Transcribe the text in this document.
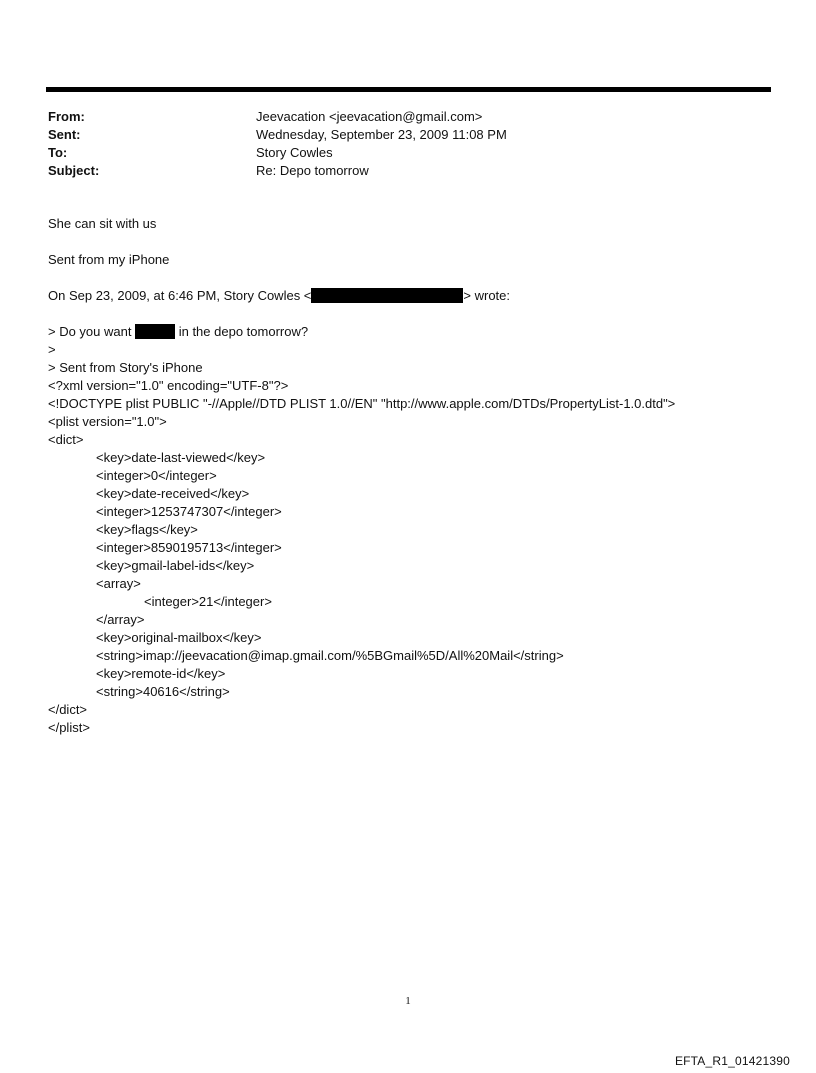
From:	Jeevacation <jeevacation@gmail.com>
Sent:	Wednesday, September 23, 2009 11:08 PM
To:	Story Cowles
Subject:	Re: Depo tomorrow
She can sit with us
Sent from my iPhone
On Sep 23, 2009, at 6:46 PM, Story Cowles <	> wrote:
> Do you want	in the depo tomorrow?
>
> Sent from Story's iPhone
<?xml version="1.0" encoding="UTF-8"?>
<!DOCTYPE plist PUBLIC "-//Apple//DTD PLIST 1.0//EN" "http://www.apple.com/DTDs/PropertyList-1.0.dtd">
<plist version="1.0">
<dict>
<key>date-last-viewed</key>
<integer>0</integer>
<key>date-received</key>
<integer>1253747307</integer>
<key>flags</key>
<integer>8590195713</integer>
<key>gmail-label-ids</key>
<array>
<integer>21</integer>
</array>
<key>original-mailbox</key>
<string>imap://jeevacation@imap.gmail.com/%5BGmail%5D/All%20Mail</string>
<key>remote-id</key>
<string>40616</string>
</dict>
</plist>
1
EFTA_R1_01421390
